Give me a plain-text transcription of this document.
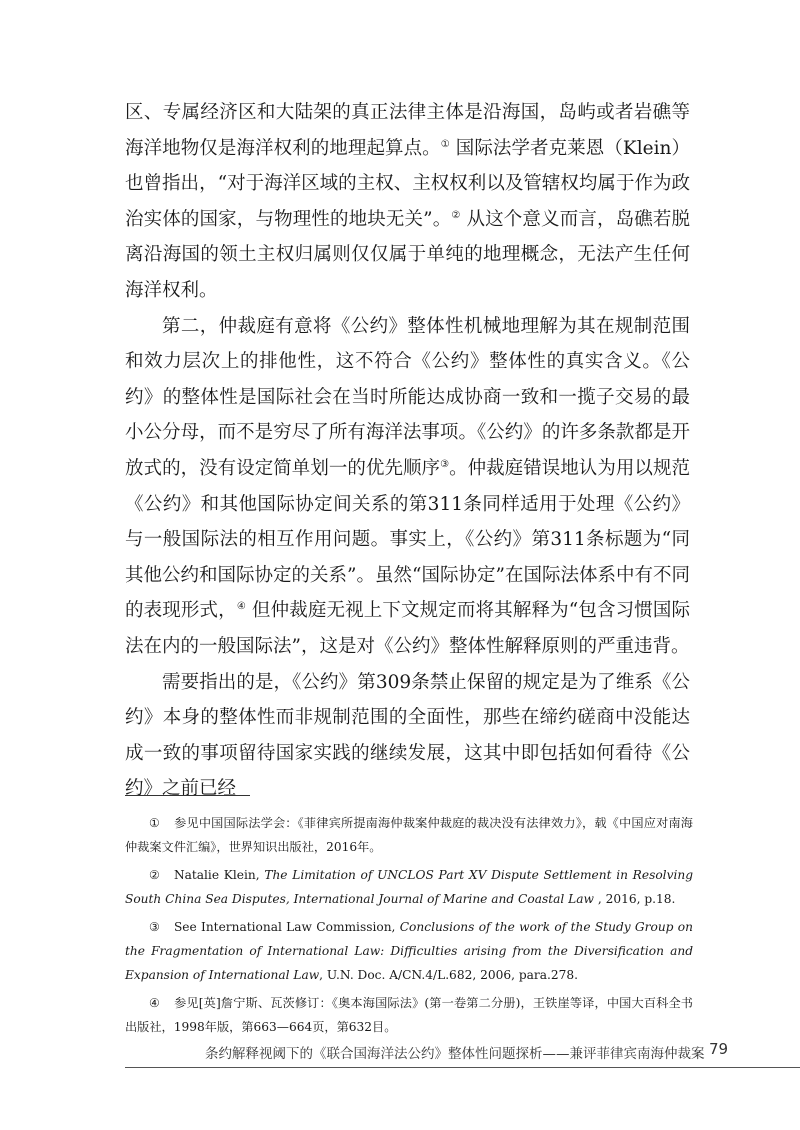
区、专属经济区和大陆架的真正法律主体是沿海国，岛屿或者岩礁等海洋地物仅是海洋权利的地理起算点。① 国际法学者克莱恩（Klein）也曾指出，“对于海洋区域的主权、主权权利以及管辖权均属于作为政治实体的国家，与物理性的地块无关”。② 从这个意义而言，岛礁若脱离沿海国的领土主权归属则仅仅属于单纯的地理概念，无法产生任何海洋权利。

第二，仲裁庭有意将《公约》整体性机械地理解为其在规制范围和效力层次上的排他性，这不符合《公约》整体性的真实含义。《公约》的整体性是国际社会在当时所能达成协商一致和一揽子交易的最小公分母，而不是穷尽了所有海洋法事项。《公约》的许多条款都是开放式的，没有设定简单划一的优先顺序③。仲裁庭错误地认为用以规范《公约》和其他国际协定间关系的第311条同样适用于处理《公约》与一般国际法的相互作用问题。事实上，《公约》第311条标题为“同其他公约和国际协定的关系”。虽然“国际协定”在国际法体系中有不同的表现形式，④ 但仲裁庭无视上下文规定而将其解释为“包含习惯国际法在内的一般国际法”，这是对《公约》整体性解释原则的严重违背。

需要指出的是，《公约》第309条禁止保留的规定是为了维系《公约》本身的整体性而非规制范围的全面性，那些在缔约磋商中没能达成一致的事项留待国家实践的继续发展，这其中即包括如何看待《公约》之前已经

① 参见中国国际法学会：《菲律宾所提南海仲裁案仲裁庭的裁决没有法律效力》，载《中国应对南海仲裁案文件汇编》，世界知识出版社，2016年。

② Natalie Klein, The Limitation of UNCLOS Part XV Dispute Settlement in Resolving South China Sea Disputes, International Journal of Marine and Coastal Law , 2016, p.18.

③ See International Law Commission, Conclusions of the work of the Study Group on the Fragmentation of International Law: Difficulties arising from the Diversification and Expansion of International Law, U.N. Doc. A/CN.4/L.682, 2006, para.278.

④ 参见[英]詹宁斯、瓦茨修订：《奥本海国际法》(第一卷第二分册)，王铁崖等译，中国大百科全书出版社，1998年版，第663—664页，第632目。

条约解释视阈下的《联合国海洋法公约》整体性问题探析——兼评菲律宾南海仲裁案 79
